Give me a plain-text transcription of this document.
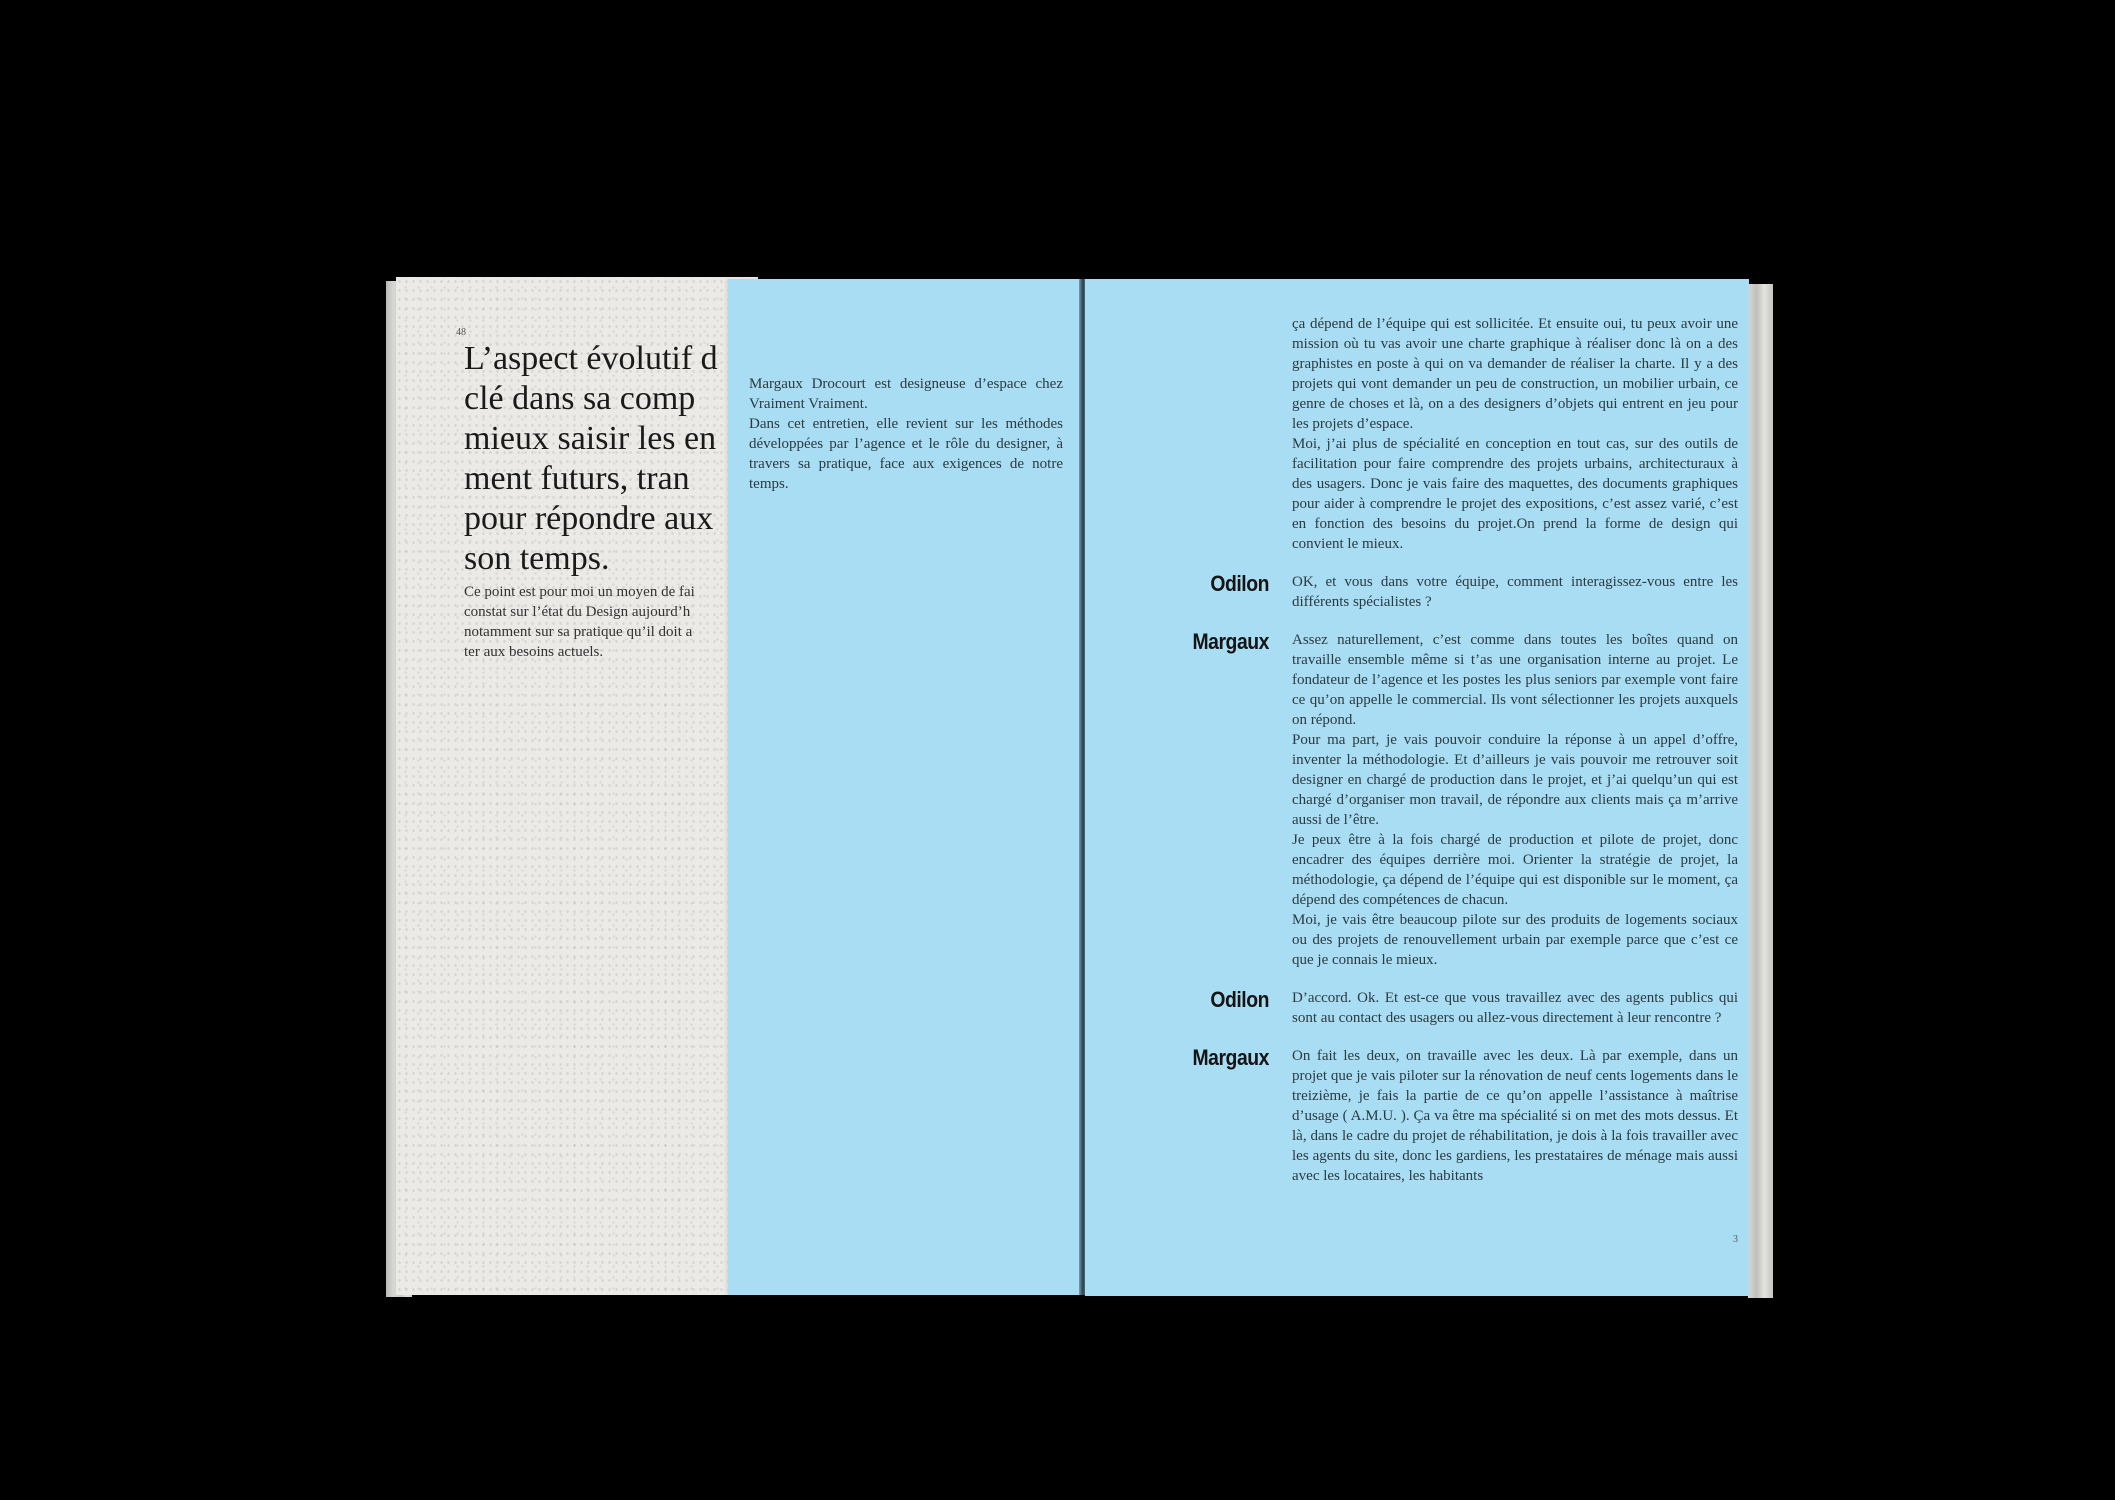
48
L’aspect évolutif d
clé dans sa comp
mieux saisir les en
ment futurs, tran
pour répondre aux
son temps.

Ce point est pour moi un moyen de fai
constat sur l’état du Design aujourd’h
notamment sur sa pratique qu’il doit a
ter aux besoins actuels.

Margaux Drocourt est designeuse d’espace chez Vraiment Vraiment.

Dans cet entretien, elle revient sur les méthodes développées par l’agence et le rôle du designer, à travers sa pratique, face aux exigences de notre temps.

ça dépend de l’équipe qui est sollicitée. Et ensuite oui, tu peux avoir une mission où tu vas avoir une charte graphique à réaliser donc là on a des graphistes en poste à qui on va demander de réaliser la charte. Il y a des projets qui vont demander un peu de construction, un mobilier urbain, ce genre de choses et là, on a des designers d’objets qui entrent en jeu pour les projets d’espace.

Moi, j’ai plus de spécialité en conception en tout cas, sur des outils de facilitation pour faire comprendre des projets urbains, architecturaux à des usagers. Donc je vais faire des maquettes, des documents graphiques pour aider à comprendre le projet des expositions, c’est assez varié, c’est en fonction des besoins du projet.On prend la forme de design qui convient le mieux.

Odilon OK, et vous dans votre équipe, comment interagissez-vous entre les différents spécialistes ?

Margaux Assez naturellement, c’est comme dans toutes les boîtes quand on travaille ensemble même si t’as une organisation interne au projet. Le fondateur de l’agence et les postes les plus seniors par exemple vont faire ce qu’on appelle le commercial. Ils vont sélectionner les projets auxquels on répond.

Pour ma part, je vais pouvoir conduire la réponse à un appel d’offre, inventer la méthodologie. Et d’ailleurs je vais pouvoir me retrouver soit designer en chargé de production dans le projet, et j’ai quelqu’un qui est chargé d’organiser mon travail, de répondre aux clients mais ça m’arrive aussi de l’être.

Je peux être à la fois chargé de production et pilote de projet, donc encadrer des équipes derrière moi. Orienter la stratégie de projet, la méthodologie, ça dépend de l’équipe qui est disponible sur le moment, ça dépend des compétences de chacun.

Moi, je vais être beaucoup pilote sur des produits de logements sociaux ou des projets de renouvellement urbain par exemple parce que c’est ce que je connais le mieux.

Odilon D’accord. Ok. Et est-ce que vous travaillez avec des agents publics qui sont au contact des usagers ou allez-vous directement à leur rencontre ?

Margaux On fait les deux, on travaille avec les deux. Là par exemple, dans un projet que je vais piloter sur la rénovation de neuf cents logements dans le treizième, je fais la partie de ce qu’on appelle l’assistance à maîtrise d’usage ( A.M.U. ). Ça va être ma spécialité si on met des mots dessus. Et là, dans le cadre du projet de réhabilitation, je dois à la fois travailler avec les agents du site, donc les gardiens, les prestataires de ménage mais aussi avec les locataires, les habitants

3
